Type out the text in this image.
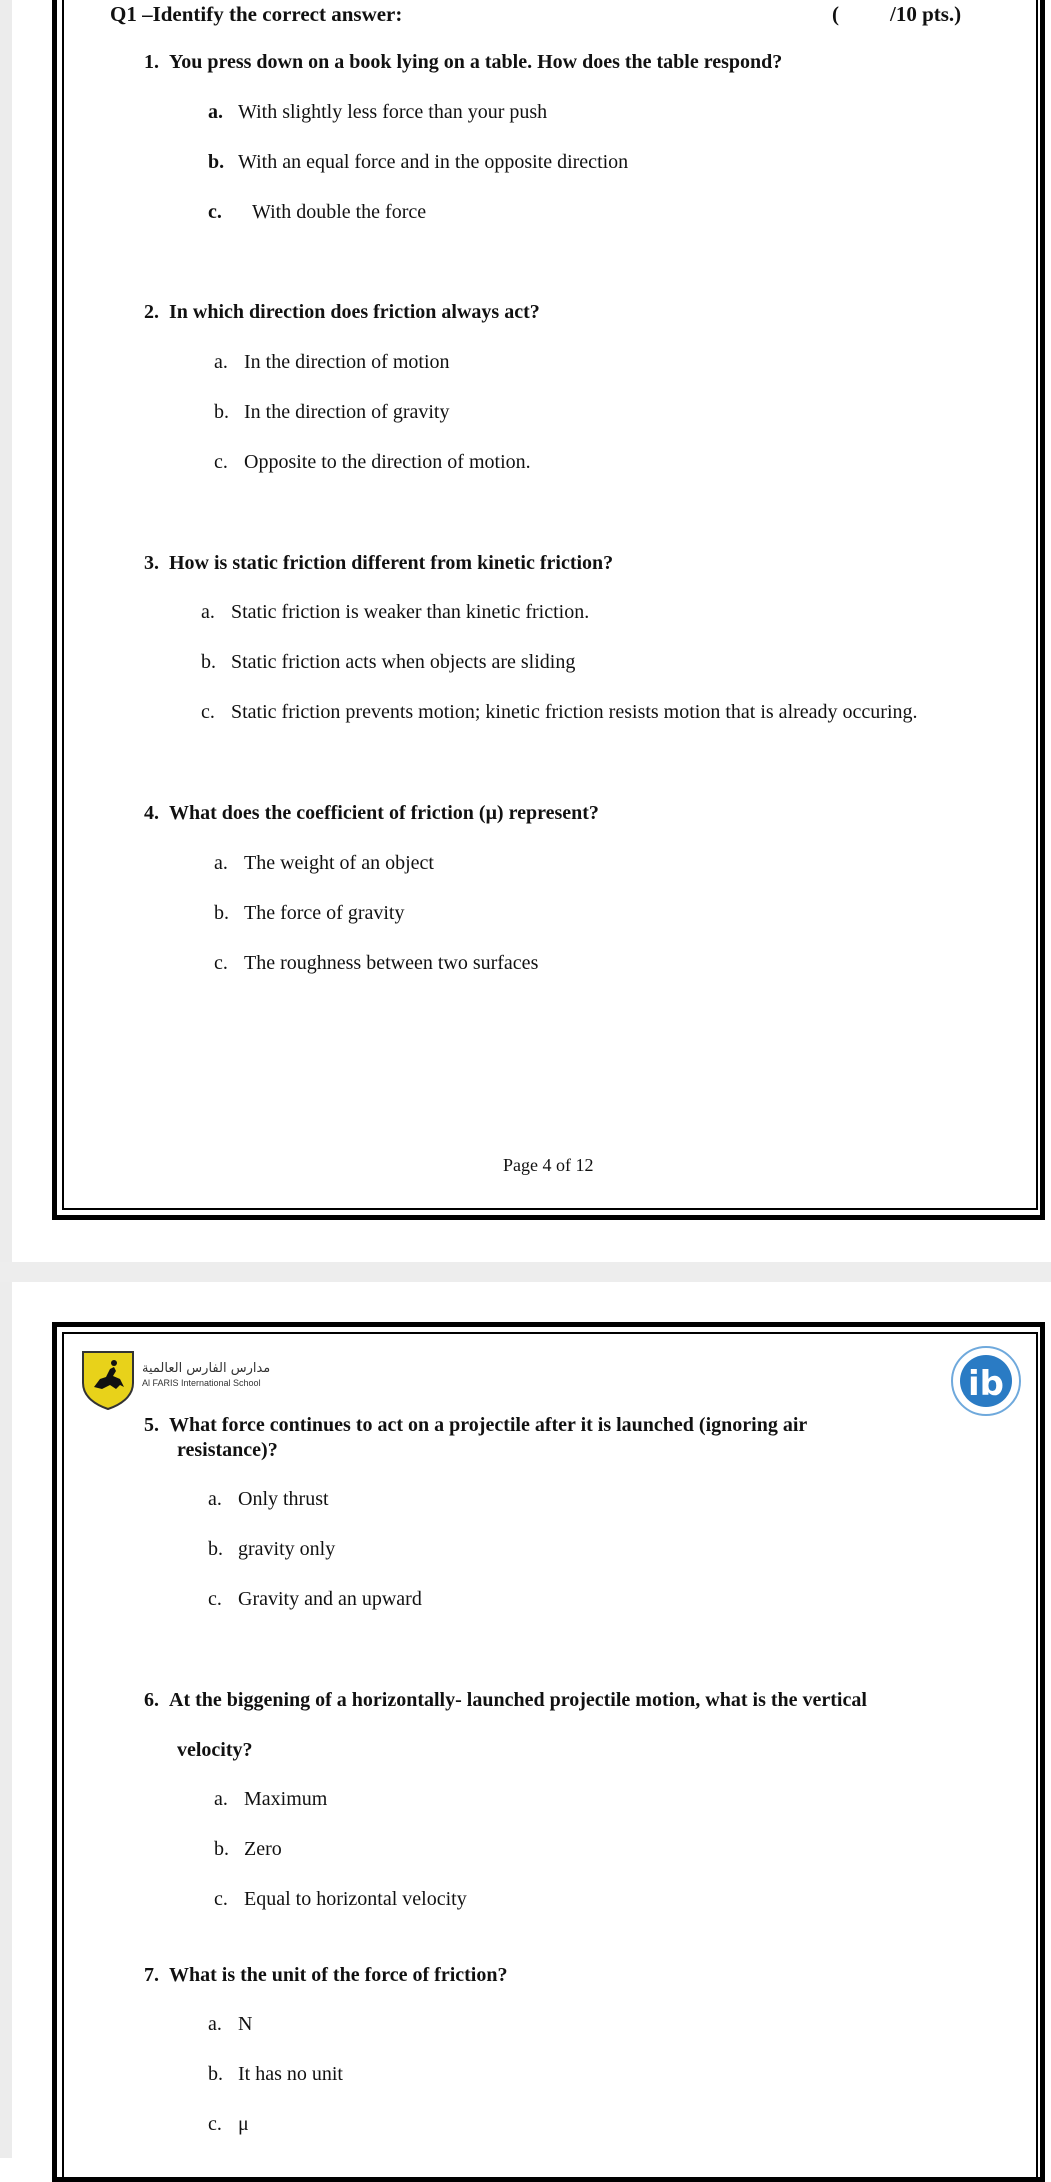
Q1 –Identify the correct answer:	( /10 pts.)
1. You press down on a book lying on a table. How does the table respond?
a. With slightly less force than your push
b. With an equal force and in the opposite direction
c. With double the force
2. In which direction does friction always act?
a. In the direction of motion
b. In the direction of gravity
c. Opposite to the direction of motion.
3. How is static friction different from kinetic friction?
a. Static friction is weaker than kinetic friction.
b. Static friction acts when objects are sliding
c. Static friction prevents motion; kinetic friction resists motion that is already occuring.
4. What does the coefficient of friction (μ) represent?
a. The weight of an object
b. The force of gravity
c. The roughness between two surfaces
Page 4 of 12
مدارس الفارس العالمية
Al FARIS International School	ib
5. What force continues to act on a projectile after it is launched (ignoring air
resistance)?
a. Only thrust
b. gravity only
c. Gravity and an upward
6. At the biggening of a horizontally- launched projectile motion, what is the vertical
velocity?
a. Maximum
b. Zero
c. Equal to horizontal velocity
7. What is the unit of the force of friction?
a. N
b. It has no unit
c. μ
